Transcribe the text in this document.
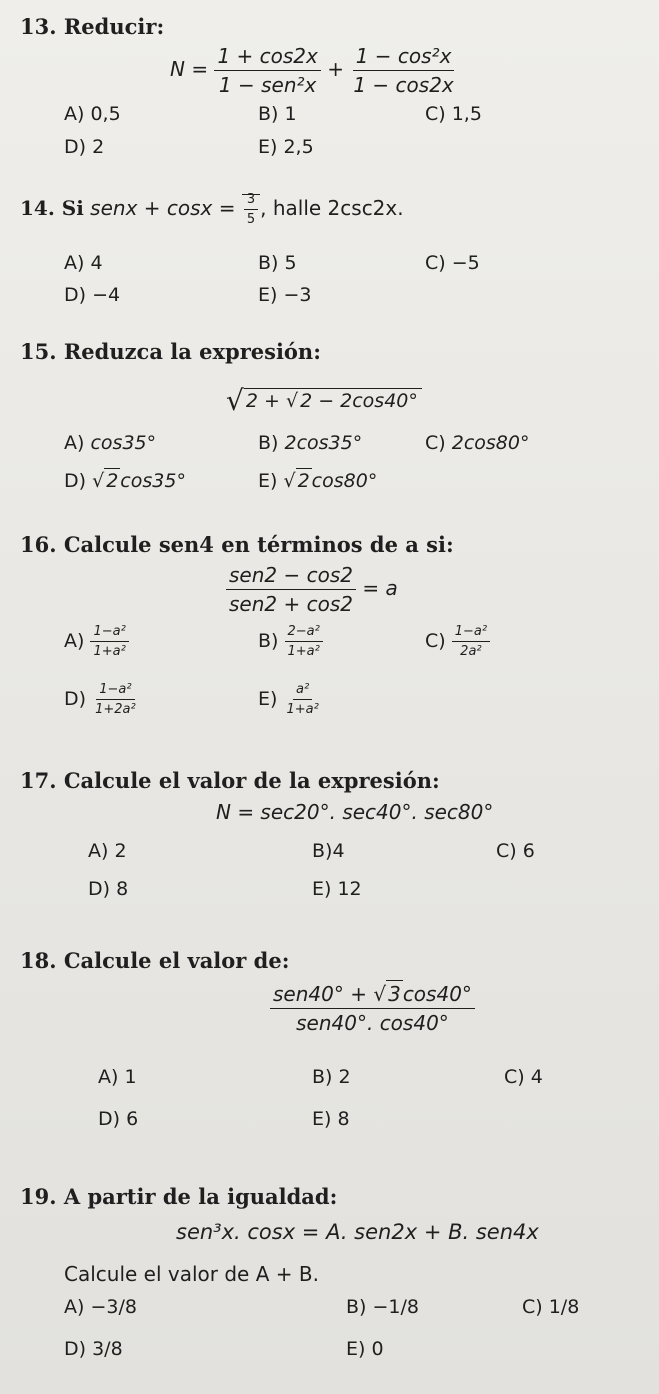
13. Reducir:
$N = \frac{1 + \cos 2x}{\text{1 − sen²x}} + \frac{\text{1 − cos²x}}{1 - \cos 2x}$
A) 0,5	B) 1	C) 1,5
D) 2	E) 2,5
14. Si senx + $\cos x = \frac{3}{5}$ , halle 2csc2x.
A) 4	B) 5	C) −5
D) −4	E) −3
15. Reduzca la expresión:
√ 2 + √ 2 − 2cos40°
A) cos35°	B) 2cos35°	C) 2cos80°
D) √ 2 cos35°	E) √ 2 cos80°
16. Calcule sen4 en términos de a si:
$\frac{\text{sen2 − cos2}}{\text{sen2 + cos2}} = a$
$A) \frac{\text{1−a²}}{\text{1+a²}}$	$B) \frac{\text{2−a²}}{\text{1+a²}}$	$C) \frac{\text{1−a²}}{\text{2a²}}$
$D) \frac{\text{1−a²}}{\text{1+2a²}}$	$E) \frac{\text{a²}}{\text{1+a²}}$
17. Calcule el valor de la expresión:
N = sec20°. sec40°. sec80°
A) 2	B)4	C) 6
D) 8	E) 12
18. Calcule el valor de:
$\frac{\text{sen40° + √ 3 cos40°}}{\text{sen40°. cos40°}}$
A) 1	B) 2	C) 4
D) 6	E) 8
19. A partir de la igualdad:
sen³x. cosx = A. sen2x + B. sen4x
Calcule el valor de A + B.
A) −3/8	B) −1/8	C) 1/8
D) 3/8	E) 0
